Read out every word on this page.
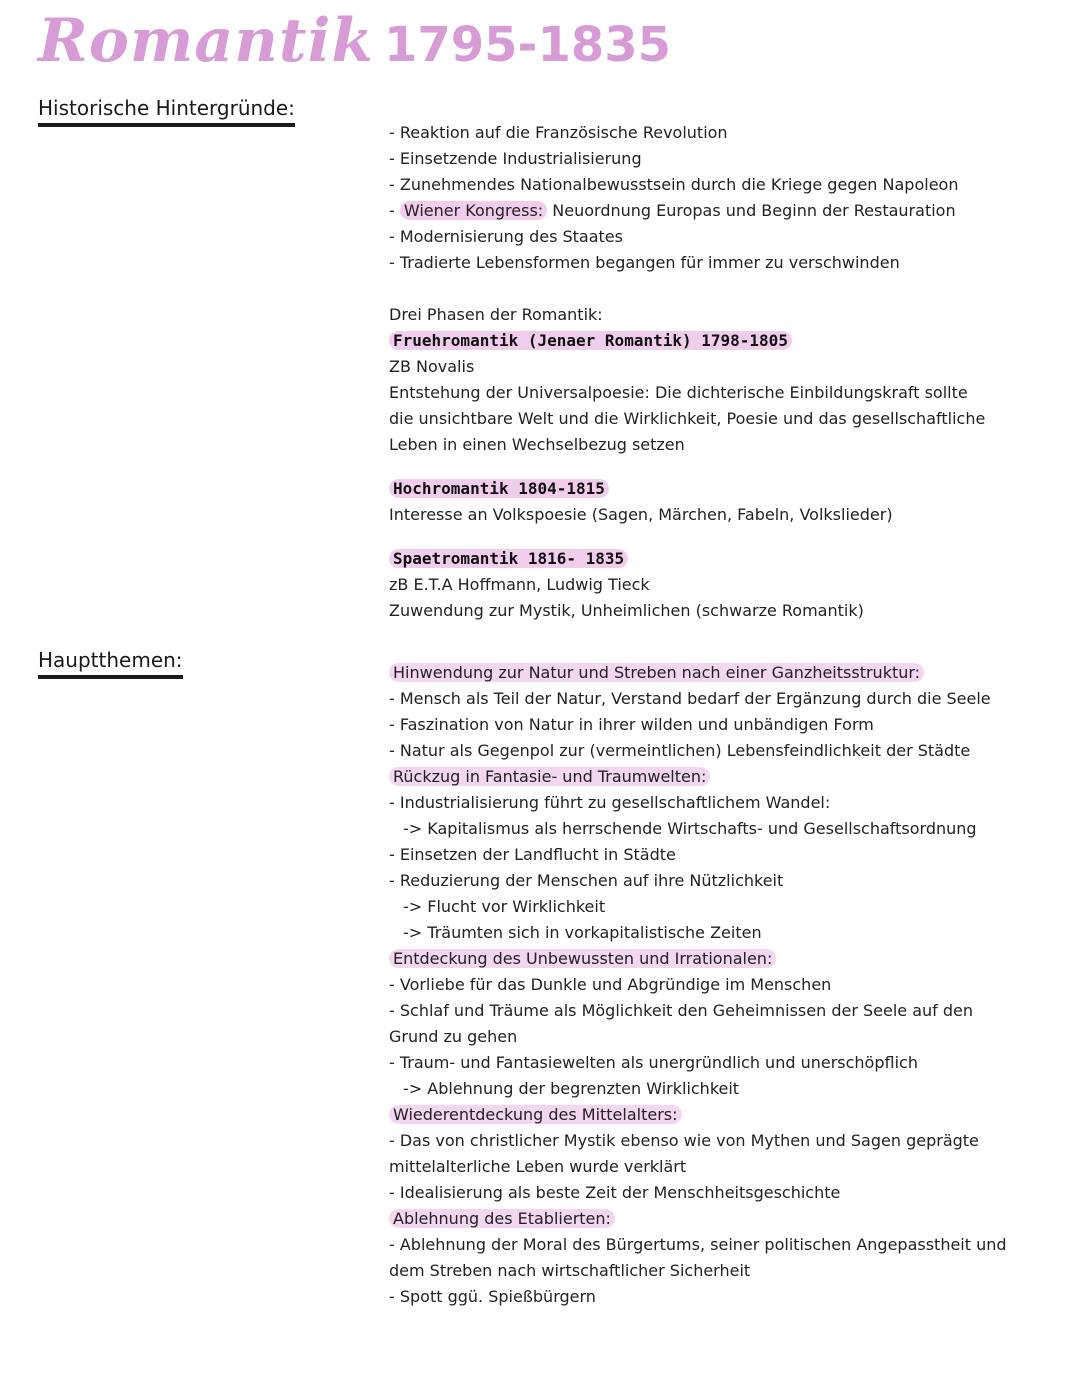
Romantik 1795-1835
Historische Hintergründe:
- Reaktion auf die Französische Revolution
- Einsetzende Industrialisierung
- Zunehmendes Nationalbewusstsein durch die Kriege gegen Napoleon
- Wiener Kongress: Neuordnung Europas und Beginn der Restauration
- Modernisierung des Staates
- Tradierte Lebensformen begangen für immer zu verschwinden
Drei Phasen der Romantik:
Fruehromantik (Jenaer Romantik) 1798-1805
ZB Novalis
Entstehung der Universalpoesie: Die dichterische Einbildungskraft sollte die unsichtbare Welt und die Wirklichkeit, Poesie und das gesellschaftliche Leben in einen Wechselbezug setzen
Hochromantik 1804-1815
Interesse an Volkspoesie (Sagen, Märchen, Fabeln, Volkslieder)
Spaetromantik 1816- 1835
zB E.T.A Hoffmann, Ludwig Tieck
Zuwendung zur Mystik, Unheimlichen (schwarze Romantik)
Hauptthemen:
Hinwendung zur Natur und Streben nach einer Ganzheitsstruktur:
- Mensch als Teil der Natur, Verstand bedarf der Ergänzung durch die Seele
- Faszination von Natur in ihrer wilden und unbändigen Form
- Natur als Gegenpol zur (vermeintlichen) Lebensfeindlichkeit der Städte
Rückzug in Fantasie- und Traumwelten:
- Industrialisierung führt zu gesellschaftlichem Wandel:
-> Kapitalismus als herrschende Wirtschafts- und Gesellschaftsordnung
- Einsetzen der Landflucht in Städte
- Reduzierung der Menschen auf ihre Nützlichkeit
-> Flucht vor Wirklichkeit
-> Träumten sich in vorkapitalistische Zeiten
Entdeckung des Unbewussten und Irrationalen:
- Vorliebe für das Dunkle und Abgründige im Menschen
- Schlaf und Träume als Möglichkeit den Geheimnissen der Seele auf den Grund zu gehen
- Traum- und Fantasiewelten als unergründlich und unerschöpflich
-> Ablehnung der begrenzten Wirklichkeit
Wiederentdeckung des Mittelalters:
- Das von christlicher Mystik ebenso wie von Mythen und Sagen geprägte mittelalterliche Leben wurde verklärt
- Idealisierung als beste Zeit der Menschheitsgeschichte
Ablehnung des Etablierten:
- Ablehnung der Moral des Bürgertums, seiner politischen Angepasstheit und dem Streben nach wirtschaftlicher Sicherheit
- Spott ggü. Spießbürgern
